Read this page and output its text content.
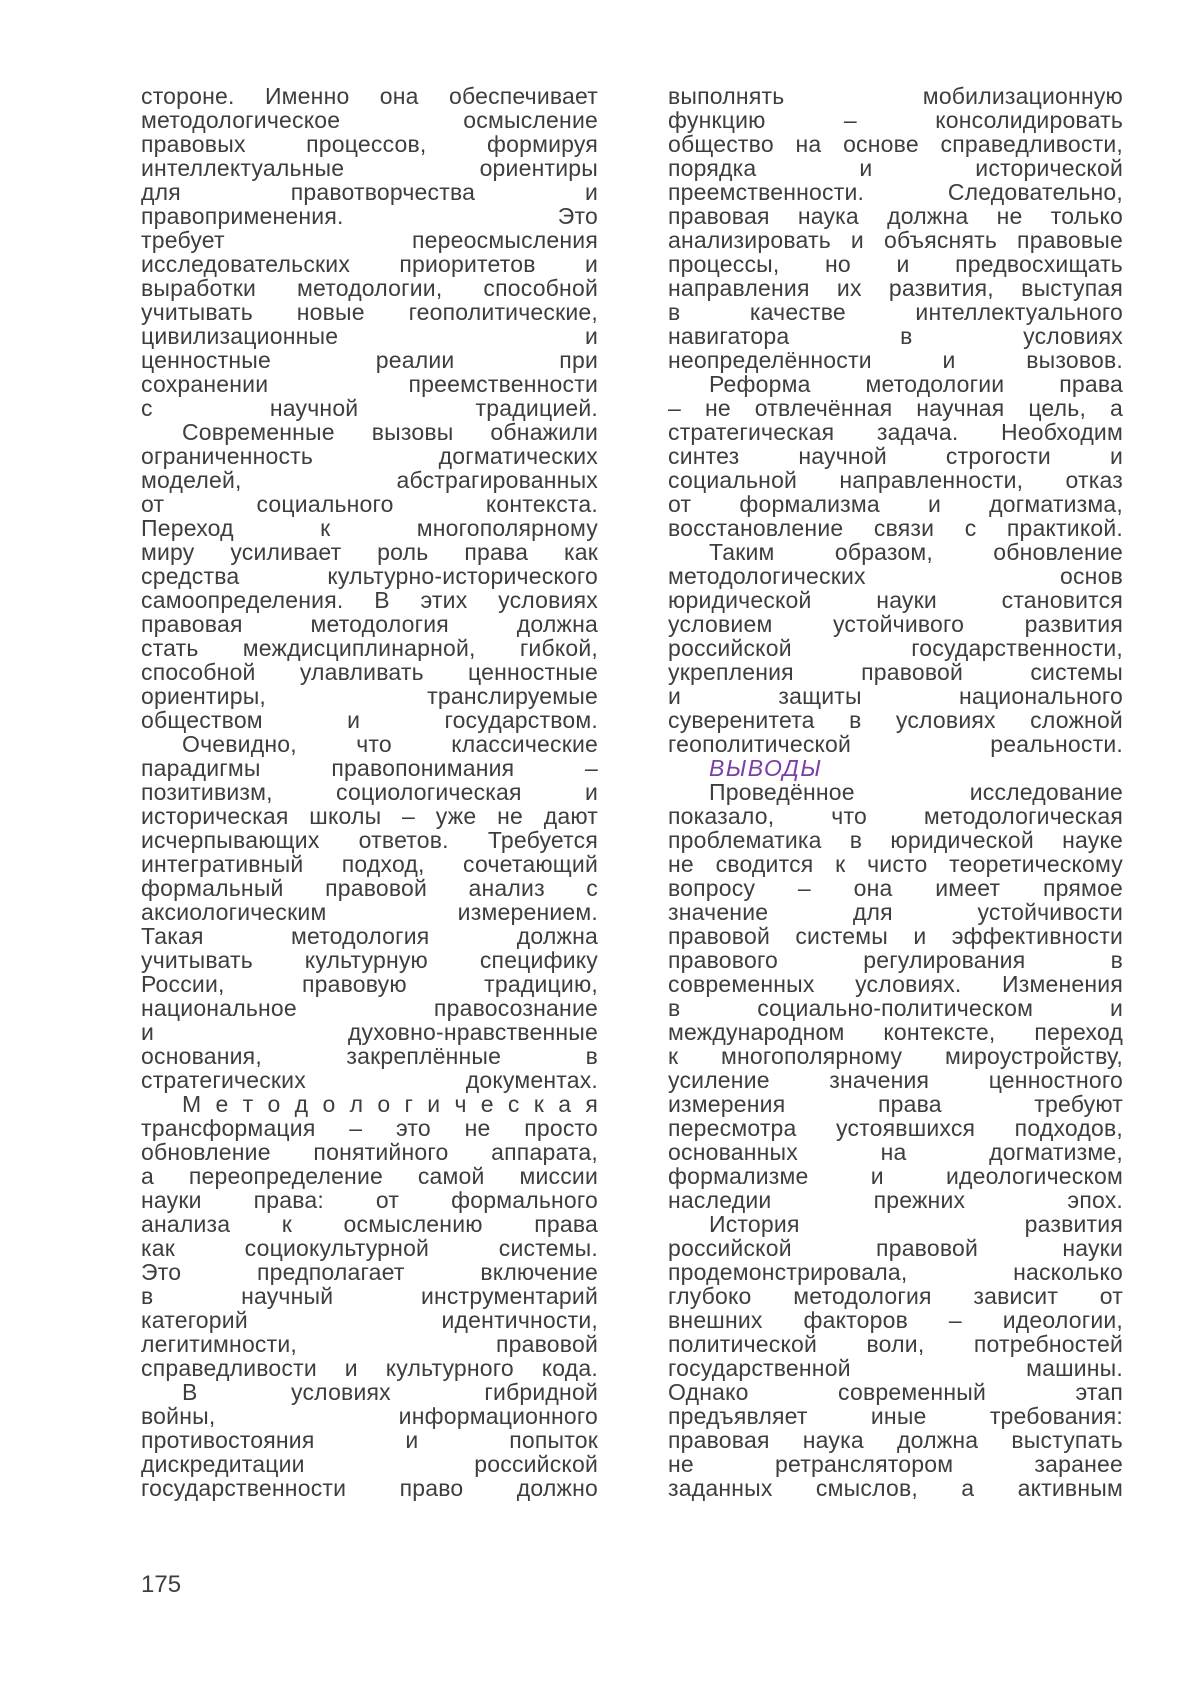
стороне. Именно она обеспечивает
методологическое осмысление
правовых процессов, формируя
интеллектуальные ориентиры
для правотворчества и
правоприменения. Это
требует переосмысления
исследовательских приоритетов и
выработки методологии, способной
учитывать новые геополитические,
цивилизационные и
ценностные реалии при
сохранении преемственности
с научной традицией.
Современные вызовы обнажили
ограниченность догматических
моделей, абстрагированных
от социального контекста.
Переход к многополярному
миру усиливает роль права как
средства культурно-исторического
самоопределения. В этих условиях
правовая методология должна
стать междисциплинарной, гибкой,
способной улавливать ценностные
ориентиры, транслируемые
обществом и государством.
Очевидно, что классические
парадигмы правопонимания –
позитивизм, социологическая и
историческая школы – уже не дают
исчерпывающих ответов. Требуется
интегративный подход, сочетающий
формальный правовой анализ с
аксиологическим измерением.
Такая методология должна
учитывать культурную специфику
России, правовую традицию,
национальное правосознание
и духовно-нравственные
основания, закреплённые в
стратегических документах.
М е т о д о л о г и ч е с к а я
трансформация – это не просто
обновление понятийного аппарата,
а переопределение самой миссии
науки права: от формального
анализа к осмыслению права
как социокультурной системы.
Это предполагает включение
в научный инструментарий
категорий идентичности,
легитимности, правовой
справедливости и культурного кода.
В условиях гибридной
войны, информационного
противостояния и попыток
дискредитации российской
государственности право должно
выполнять мобилизационную
функцию – консолидировать
общество на основе справедливости,
порядка и исторической
преемственности. Следовательно,
правовая наука должна не только
анализировать и объяснять правовые
процессы, но и предвосхищать
направления их развития, выступая
в качестве интеллектуального
навигатора в условиях
неопределённости и вызовов.
Реформа методологии права
– не отвлечённая научная цель, а
стратегическая задача. Необходим
синтез научной строгости и
социальной направленности, отказ
от формализма и догматизма,
восстановление связи с практикой.
Таким образом, обновление
методологических основ
юридической науки становится
условием устойчивого развития
российской государственности,
укрепления правовой системы
и защиты национального
суверенитета в условиях сложной
геополитической реальности.
ВЫВОДЫ
Проведённое исследование
показало, что методологическая
проблематика в юридической науке
не сводится к чисто теоретическому
вопросу – она имеет прямое
значение для устойчивости
правовой системы и эффективности
правового регулирования в
современных условиях. Изменения
в социально-политическом и
международном контексте, переход
к многополярному мироустройству,
усиление значения ценностного
измерения права требуют
пересмотра устоявшихся подходов,
основанных на догматизме,
формализме и идеологическом
наследии прежних эпох.
История развития
российской правовой науки
продемонстрировала, насколько
глубоко методология зависит от
внешних факторов – идеологии,
политической воли, потребностей
государственной машины.
Однако современный этап
предъявляет иные требования:
правовая наука должна выступать
не ретранслятором заранее
заданных смыслов, а активным
175
